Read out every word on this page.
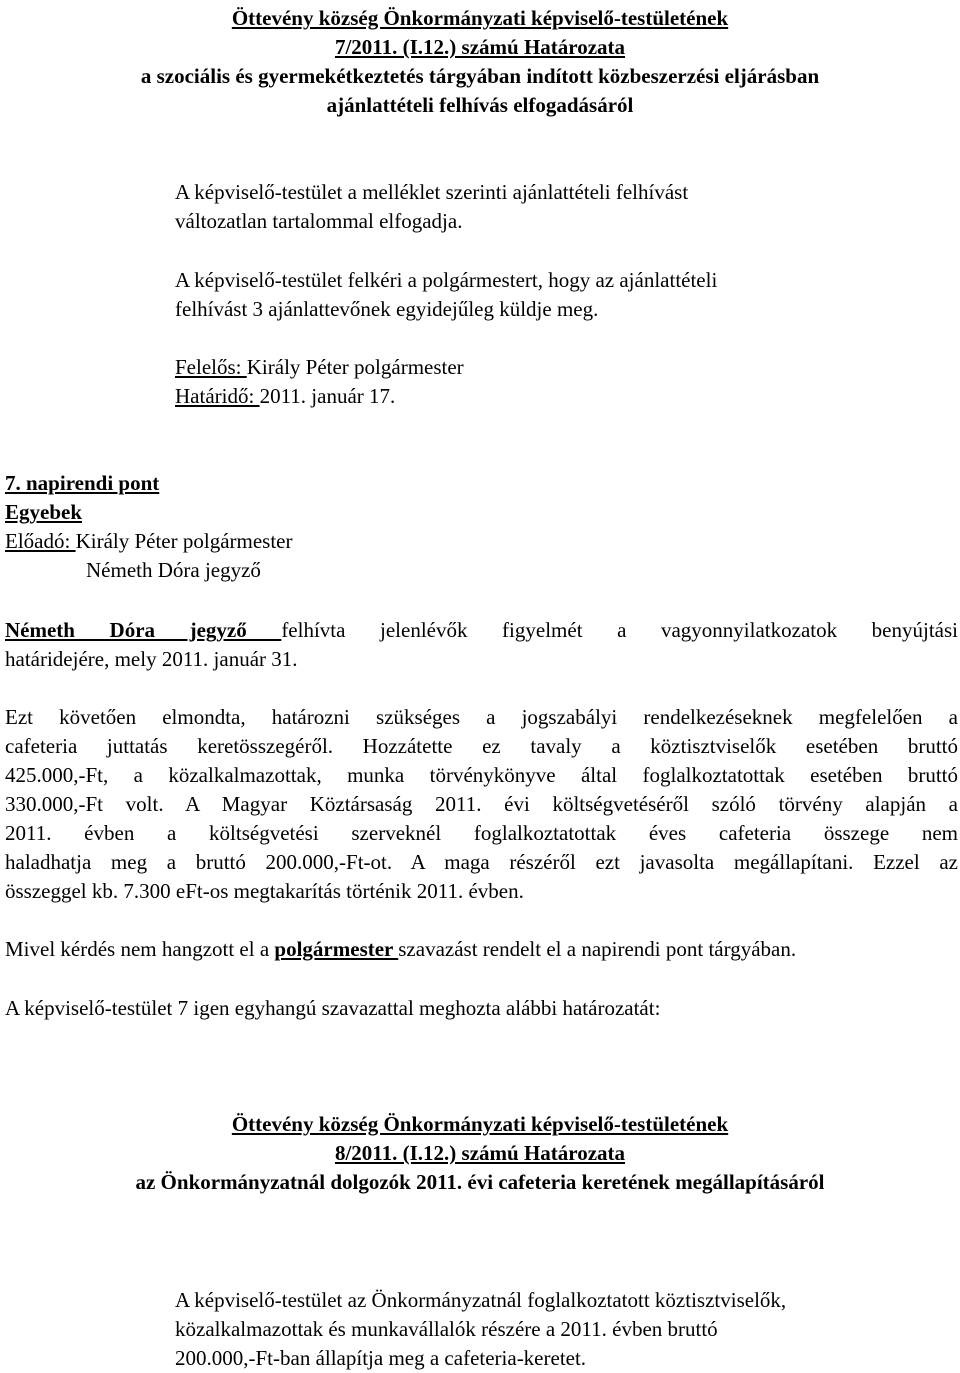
Öttevény község Önkormányzati képviselő-testületének
7/2011. (I.12.) számú Határozata
a szociális és gyermekétkeztetés tárgyában indított közbeszerzési eljárásban
ajánlattételi felhívás elfogadásáról
A képviselő-testület a melléklet szerinti ajánlattételi felhívást
változatlan tartalommal elfogadja.
A képviselő-testület felkéri a polgármestert, hogy az ajánlattételi
felhívást 3 ajánlattevőnek egyidejűleg küldje meg.
Felelős: Király Péter polgármester
Határidő: 2011. január 17.
7. napirendi pont
Egyebek
Előadó: Király Péter polgármester
Németh Dóra jegyző
Németh Dóra jegyző felhívta jelenlévők figyelmét a vagyonnyilatkozatok benyújtási
határidejére, mely 2011. január 31.
Ezt követően elmondta, határozni szükséges a jogszabályi rendelkezéseknek megfelelően a
cafeteria juttatás keretösszegéről. Hozzátette ez tavaly a köztisztviselők esetében bruttó
425.000,-Ft, a közalkalmazottak, munka törvénykönyve által foglalkoztatottak esetében bruttó
330.000,-Ft volt. A Magyar Köztársaság 2011. évi költségvetéséről szóló törvény alapján a
2011. évben a költségvetési szerveknél foglalkoztatottak éves cafeteria összege nem
haladhatja meg a bruttó 200.000,-Ft-ot. A maga részéről ezt javasolta megállapítani. Ezzel az
összeggel kb. 7.300 eFt-os megtakarítás történik 2011. évben.
Mivel kérdés nem hangzott el a polgármester szavazást rendelt el a napirendi pont tárgyában.
A képviselő-testület 7 igen egyhangú szavazattal meghozta alábbi határozatát:
Öttevény község Önkormányzati képviselő-testületének
8/2011. (I.12.) számú Határozata
az Önkormányzatnál dolgozók 2011. évi cafeteria keretének megállapításáról
A képviselő-testület az Önkormányzatnál foglalkoztatott köztisztviselők,
közalkalmazottak és munkavállalók részére a 2011. évben bruttó
200.000,-Ft-ban állapítja meg a cafeteria-keretet.
